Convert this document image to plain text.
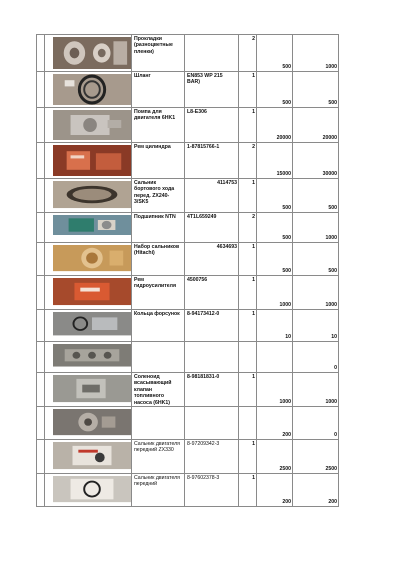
	Прокладки (разноцветные пленки)		2	500	1000

	Шланг	EN853 WP 215 BAR)	1	500	500

	Помпа для двигателя 6HK1	L8-E306	1	20000	20000

	Рем цилиндра	1-87815766-1	2	15000	30000

	Сальник бортового хода перед. ZX240-3/SK5	4114753	1	500	500

	Подшипник NTN	4T1L659249	2	500	1000

	Набор сальников (Hitachi)	4634693	1	500	500

	Рем гидроусилителя	4500756	1	1000	1000

	Кольца форсунок	8-94173412-0	1	10	10

					0

	Соленоид всасывающий клапан топливного насоса (6HK1)	8-98181831-0	1	1000	1000

				200	0

	Сальник двигателя передний ZX330	8-97209342-3	1	2500	2500

	Сальник двигателя передний	8-97602378-3	1	200	200
